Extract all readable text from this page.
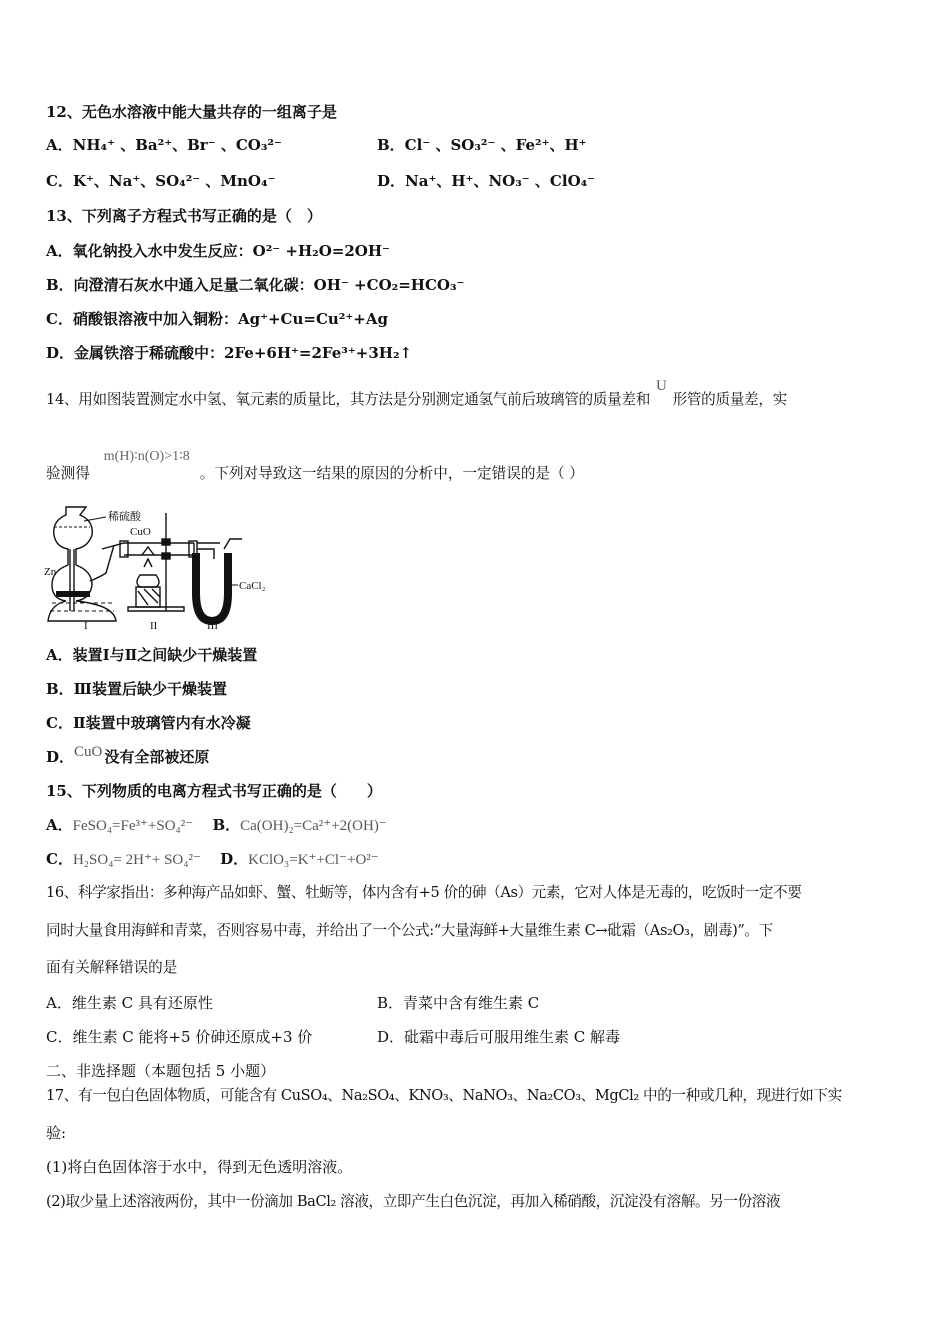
12、无色水溶液中能大量共存的一组离子是
A．NH₄⁺ 、Ba²⁺、Br⁻ 、CO₃²⁻	B．Cl⁻ 、SO₃²⁻ 、Fe²⁺、H⁺
C．K⁺、Na⁺、SO₄²⁻ 、MnO₄⁻	D．Na⁺、H⁺、NO₃⁻ 、ClO₄⁻
13、下列离子方程式书写正确的是（　）
A．氧化钠投入水中发生反应：O²⁻ +H₂O=2OH⁻
B．向澄清石灰水中通入足量二氧化碳：OH⁻ +CO₂=HCO₃⁻
C．硝酸银溶液中加入铜粉：Ag⁺+Cu=Cu²⁺+Ag
D．金属铁溶于稀硫酸中：2Fe+6H⁺=2Fe³⁺+3H₂↑
14、用如图装置测定水中氢、氧元素的质量比，其方法是分别测定通氢气前后玻璃管的质量差和U形管的质量差，实
验测得m(H)∶n(O)>1∶8。下列对导致这一结果的原因的分析中，一定错误的是（ ）
稀硫酸
CuO
Zn
CaCl₂
I	II	III
A．装置Ⅰ与Ⅱ之间缺少干燥装置
B．Ⅲ装置后缺少干燥装置
C．Ⅱ装置中玻璃管内有水冷凝
D．CuO 没有全部被还原
15、下列物质的电离方程式书写正确的是（　　）
A．FeSO₄=Fe³⁺+SO₄²⁻ B．Ca(OH)₂=Ca²⁺+2(OH)⁻
C．H₂SO₄= 2H⁺+ SO₄²⁻ D．KClO₃=K⁺+Cl⁻+O²⁻
16、科学家指出：多种海产品如虾、蟹、牡蛎等，体内含有+5 价的砷（As）元素，它对人体是无毒的，吃饭时一定不要
同时大量食用海鲜和青菜，否则容易中毒，并给出了一个公式:“大量海鲜+大量维生素 C→砒霜（As₂O₃，剧毒)”。下
面有关解释错误的是
A．维生素 C 具有还原性	B．青菜中含有维生素 C
C．维生素 C 能将+5 价砷还原成+3 价	D．砒霜中毒后可服用维生素 C 解毒
二、非选择题（本题包括 5 小题）
17、有一包白色固体物质，可能含有 CuSO₄、Na₂SO₄、KNO₃、NaNO₃、Na₂CO₃、MgCl₂ 中的一种或几种，现进行如下实
验:
(1)将白色固体溶于水中，得到无色透明溶液。
(2)取少量上述溶液两份，其中一份滴加 BaCl₂ 溶液，立即产生白色沉淀，再加入稀硝酸，沉淀没有溶解。另一份溶液
